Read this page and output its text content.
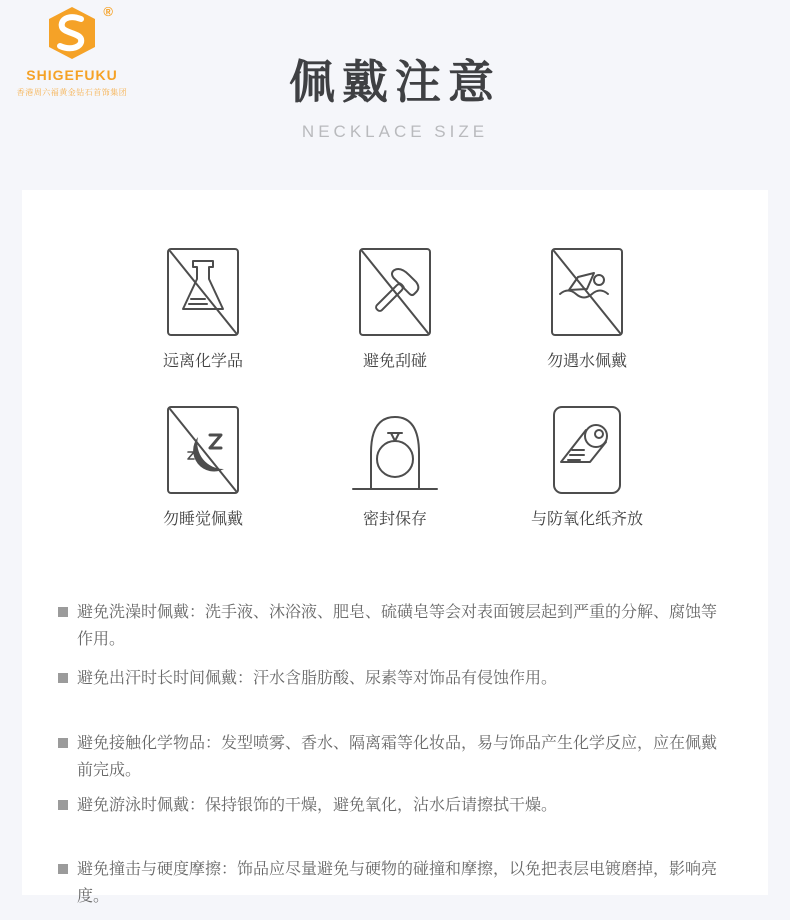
®
SHIGEFUKU
香港周六福黄金钻石首饰集团	佩戴注意
NECKLACE SIZE
远离化学品	避免刮碰	勿遇水佩戴
勿睡觉佩戴	密封保存	与防氧化纸齐放
避免洗澡时佩戴：洗手液、沐浴液、肥皂、硫磺皂等会对表面镀层起到严重的分解、腐蚀等作用。
避免出汗时长时间佩戴：汗水含脂肪酸、尿素等对饰品有侵蚀作用。
避免接触化学物品：发型喷雾、香水、隔离霜等化妆品，易与饰品产生化学反应，应在佩戴前完成。
避免游泳时佩戴：保持银饰的干燥，避免氧化，沾水后请擦拭干燥。
避免撞击与硬度摩擦：饰品应尽量避免与硬物的碰撞和摩擦，以免把表层电镀磨掉，影响亮度。
